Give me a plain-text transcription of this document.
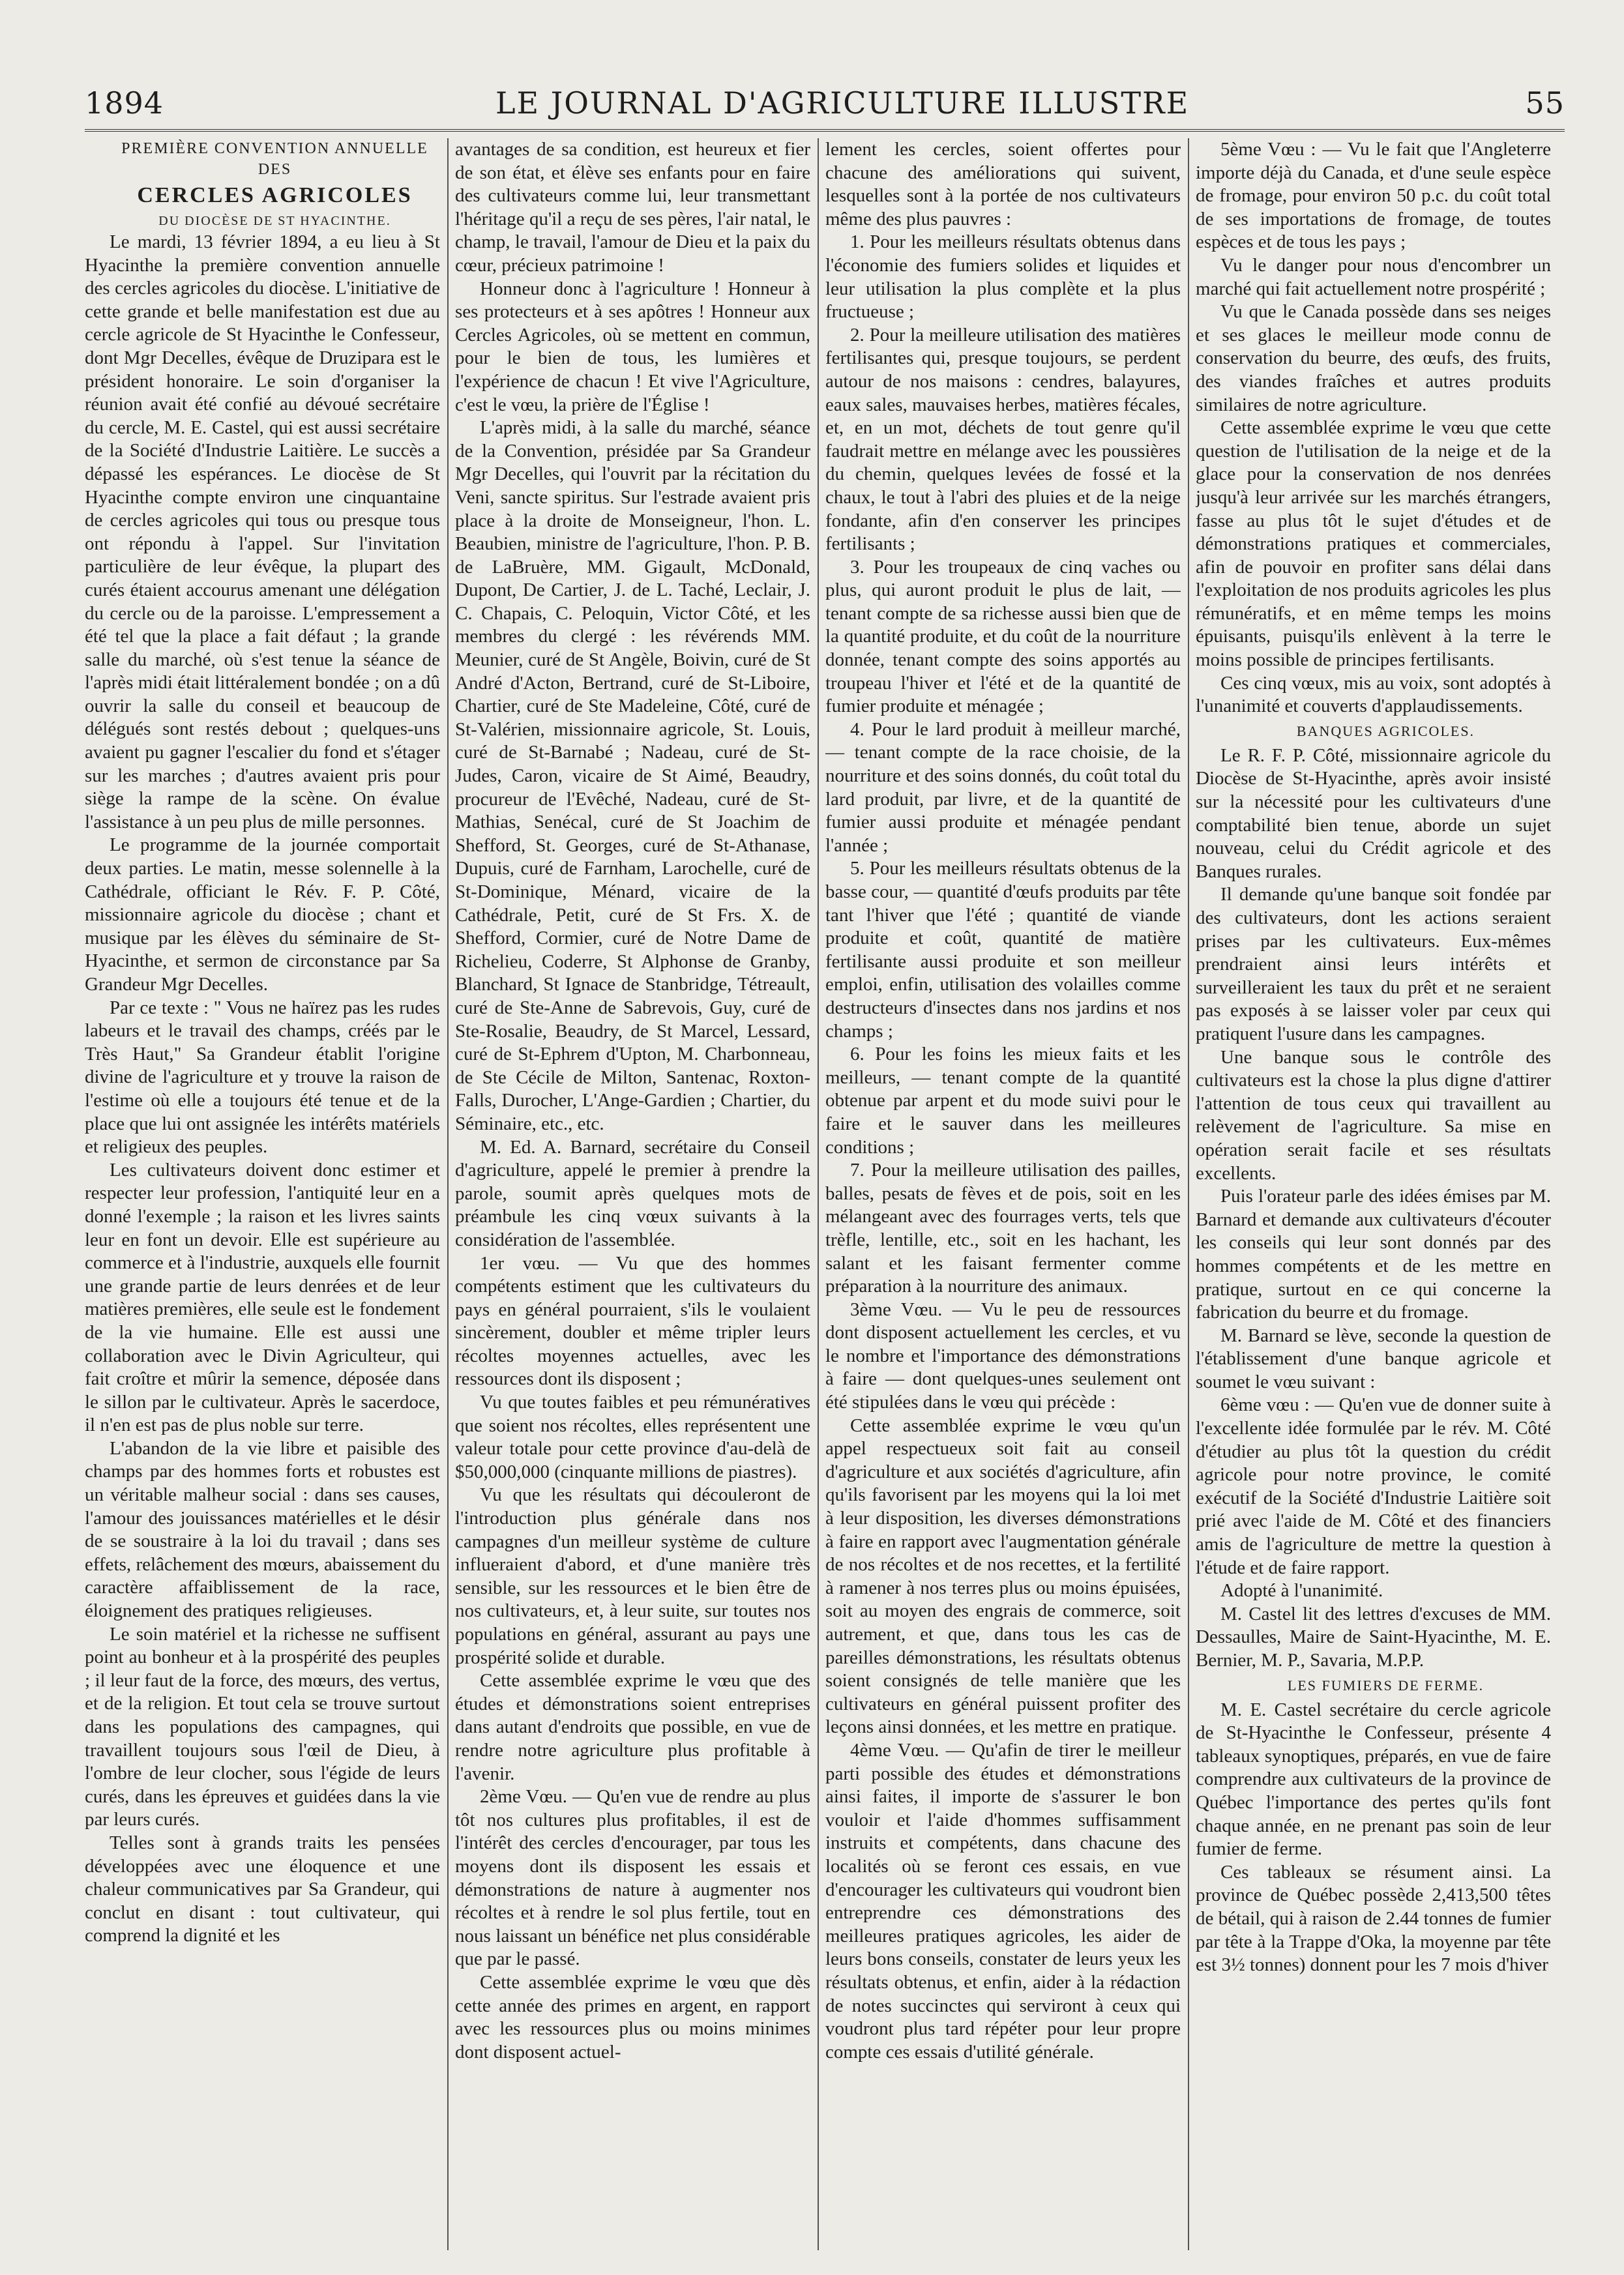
1894	LE JOURNAL D'AGRICULTURE ILLUSTRE	55

PREMIÈRE CONVENTION ANNUELLE

DES

CERCLES AGRICOLES

DU DIOCÈSE DE ST HYACINTHE.

Le mardi, 13 février 1894, a eu lieu à St Hyacinthe la première convention annuelle des cercles agricoles du diocèse. L'initiative de cette grande et belle manifestation est due au cercle agricole de St Hyacinthe le Confesseur, dont Mgr Decelles, évêque de Druzipara est le président honoraire. Le soin d'organiser la réunion avait été confié au dévoué secrétaire du cercle, M. E. Castel, qui est aussi secrétaire de la Société d'Industrie Laitière. Le succès a dépassé les espérances. Le diocèse de St Hyacinthe compte environ une cinquantaine de cercles agricoles qui tous ou presque tous ont répondu à l'appel. Sur l'invitation particulière de leur évêque, la plupart des curés étaient accourus amenant une délégation du cercle ou de la paroisse. L'empressement a été tel que la place a fait défaut ; la grande salle du marché, où s'est tenue la séance de l'après midi était littéralement bondée ; on a dû ouvrir la salle du conseil et beaucoup de délégués sont restés debout ; quelques-uns avaient pu gagner l'escalier du fond et s'étager sur les marches ; d'autres avaient pris pour siège la rampe de la scène. On évalue l'assistance à un peu plus de mille personnes.

Le programme de la journée comportait deux parties. Le matin, messe solennelle à la Cathédrale, officiant le Rév. F. P. Côté, missionnaire agricole du diocèse ; chant et musique par les élèves du séminaire de St-Hyacinthe, et sermon de circonstance par Sa Grandeur Mgr Decelles.

Par ce texte : " Vous ne haïrez pas les rudes labeurs et le travail des champs, créés par le Très Haut," Sa Grandeur établit l'origine divine de l'agriculture et y trouve la raison de l'estime où elle a toujours été tenue et de la place que lui ont assignée les intérêts matériels et religieux des peuples.

Les cultivateurs doivent donc estimer et respecter leur profession, l'antiquité leur en a donné l'exemple ; la raison et les livres saints leur en font un devoir. Elle est supérieure au commerce et à l'industrie, auxquels elle fournit une grande partie de leurs denrées et de leur matières premières, elle seule est le fondement de la vie humaine. Elle est aussi une collaboration avec le Divin Agriculteur, qui fait croître et mûrir la semence, déposée dans le sillon par le cultivateur. Après le sacerdoce, il n'en est pas de plus noble sur terre.

L'abandon de la vie libre et paisible des champs par des hommes forts et robustes est un véritable malheur social : dans ses causes, l'amour des jouissances matérielles et le désir de se soustraire à la loi du travail ; dans ses effets, relâchement des mœurs, abaissement du caractère affaiblissement de la race, éloignement des pratiques religieuses.

Le soin matériel et la richesse ne suffisent point au bonheur et à la prospérité des peuples ; il leur faut de la force, des mœurs, des vertus, et de la religion. Et tout cela se trouve surtout dans les populations des campagnes, qui travaillent toujours sous l'œil de Dieu, à l'ombre de leur clocher, sous l'égide de leurs curés, dans les épreuves et guidées dans la vie par leurs curés.

Telles sont à grands traits les pensées développées avec une éloquence et une chaleur communicatives par Sa Grandeur, qui conclut en disant : tout cultivateur, qui comprend la dignité et les

avantages de sa condition, est heureux et fier de son état, et élève ses enfants pour en faire des cultivateurs comme lui, leur transmettant l'héritage qu'il a reçu de ses pères, l'air natal, le champ, le travail, l'amour de Dieu et la paix du cœur, précieux patrimoine !

Honneur donc à l'agriculture ! Honneur à ses protecteurs et à ses apôtres ! Honneur aux Cercles Agricoles, où se mettent en commun, pour le bien de tous, les lumières et l'expérience de chacun ! Et vive l'Agriculture, c'est le vœu, la prière de l'Église !

L'après midi, à la salle du marché, séance de la Convention, présidée par Sa Grandeur Mgr Decelles, qui l'ouvrit par la récitation du Veni, sancte spiritus. Sur l'estrade avaient pris place à la droite de Monseigneur, l'hon. L. Beaubien, ministre de l'agriculture, l'hon. P. B. de LaBruère, MM. Gigault, McDonald, Dupont, De Cartier, J. de L. Taché, Leclair, J. C. Chapais, C. Peloquin, Victor Côté, et les membres du clergé : les révérends MM. Meunier, curé de St Angèle, Boivin, curé de St André d'Acton, Bertrand, curé de St-Liboire, Chartier, curé de Ste Madeleine, Côté, curé de St-Valérien, missionnaire agricole, St. Louis, curé de St-Barnabé ; Nadeau, curé de St-Judes, Caron, vicaire de St Aimé, Beaudry, procureur de l'Evêché, Nadeau, curé de St-Mathias, Senécal, curé de St Joachim de Shefford, St. Georges, curé de St-Athanase, Dupuis, curé de Farnham, Larochelle, curé de St-Dominique, Ménard, vicaire de la Cathédrale, Petit, curé de St Frs. X. de Shefford, Cormier, curé de Notre Dame de Richelieu, Coderre, St Alphonse de Granby, Blanchard, St Ignace de Stanbridge, Tétreault, curé de Ste-Anne de Sabrevois, Guy, curé de Ste-Rosalie, Beaudry, de St Marcel, Lessard, curé de St-Ephrem d'Upton, M. Charbonneau, de Ste Cécile de Milton, Santenac, Roxton-Falls, Durocher, L'Ange-Gardien ; Chartier, du Séminaire, etc., etc.

M. Ed. A. Barnard, secrétaire du Conseil d'agriculture, appelé le premier à prendre la parole, soumit après quelques mots de préambule les cinq vœux suivants à la considération de l'assemblée.

1er vœu. — Vu que des hommes compétents estiment que les cultivateurs du pays en général pourraient, s'ils le voulaient sincèrement, doubler et même tripler leurs récoltes moyennes actuelles, avec les ressources dont ils disposent ;

Vu que toutes faibles et peu rémunératives que soient nos récoltes, elles représentent une valeur totale pour cette province d'au-delà de $50,000,000 (cinquante millions de piastres).

Vu que les résultats qui découleront de l'introduction plus générale dans nos campagnes d'un meilleur système de culture influeraient d'abord, et d'une manière très sensible, sur les ressources et le bien être de nos cultivateurs, et, à leur suite, sur toutes nos populations en général, assurant au pays une prospérité solide et durable.

Cette assemblée exprime le vœu que des études et démonstrations soient entreprises dans autant d'endroits que possible, en vue de rendre notre agriculture plus profitable à l'avenir.

2ème Vœu. — Qu'en vue de rendre au plus tôt nos cultures plus profitables, il est de l'intérêt des cercles d'encourager, par tous les moyens dont ils disposent les essais et démonstrations de nature à augmenter nos récoltes et à rendre le sol plus fertile, tout en nous laissant un bénéfice net plus considérable que par le passé.

Cette assemblée exprime le vœu que dès cette année des primes en argent, en rapport avec les ressources plus ou moins minimes dont disposent actuel-

lement les cercles, soient offertes pour chacune des améliorations qui suivent, lesquelles sont à la portée de nos cultivateurs même des plus pauvres :

1. Pour les meilleurs résultats obtenus dans l'économie des fumiers solides et liquides et leur utilisation la plus complète et la plus fructueuse ;

2. Pour la meilleure utilisation des matières fertilisantes qui, presque toujours, se perdent autour de nos maisons : cendres, balayures, eaux sales, mauvaises herbes, matières fécales, et, en un mot, déchets de tout genre qu'il faudrait mettre en mélange avec les poussières du chemin, quelques levées de fossé et la chaux, le tout à l'abri des pluies et de la neige fondante, afin d'en conserver les principes fertilisants ;

3. Pour les troupeaux de cinq vaches ou plus, qui auront produit le plus de lait, — tenant compte de sa richesse aussi bien que de la quantité produite, et du coût de la nourriture donnée, tenant compte des soins apportés au troupeau l'hiver et l'été et de la quantité de fumier produite et ménagée ;

4. Pour le lard produit à meilleur marché, — tenant compte de la race choisie, de la nourriture et des soins donnés, du coût total du lard produit, par livre, et de la quantité de fumier aussi produite et ménagée pendant l'année ;

5. Pour les meilleurs résultats obtenus de la basse cour, — quantité d'œufs produits par tête tant l'hiver que l'été ; quantité de viande produite et coût, quantité de matière fertilisante aussi produite et son meilleur emploi, enfin, utilisation des volailles comme destructeurs d'insectes dans nos jardins et nos champs ;

6. Pour les foins les mieux faits et les meilleurs, — tenant compte de la quantité obtenue par arpent et du mode suivi pour le faire et le sauver dans les meilleures conditions ;

7. Pour la meilleure utilisation des pailles, balles, pesats de fèves et de pois, soit en les mélangeant avec des fourrages verts, tels que trèfle, lentille, etc., soit en les hachant, les salant et les faisant fermenter comme préparation à la nourriture des animaux.

3ème Vœu. — Vu le peu de ressources dont disposent actuellement les cercles, et vu le nombre et l'importance des démonstrations à faire — dont quelques-unes seulement ont été stipulées dans le vœu qui précède :

Cette assemblée exprime le vœu qu'un appel respectueux soit fait au conseil d'agriculture et aux sociétés d'agriculture, afin qu'ils favorisent par les moyens qui la loi met à leur disposition, les diverses démonstrations à faire en rapport avec l'augmentation générale de nos récoltes et de nos recettes, et la fertilité à ramener à nos terres plus ou moins épuisées, soit au moyen des engrais de commerce, soit autrement, et que, dans tous les cas de pareilles démonstrations, les résultats obtenus soient consignés de telle manière que les cultivateurs en général puissent profiter des leçons ainsi données, et les mettre en pratique.

4ème Vœu. — Qu'afin de tirer le meilleur parti possible des études et démonstrations ainsi faites, il importe de s'assurer le bon vouloir et l'aide d'hommes suffisamment instruits et compétents, dans chacune des localités où se feront ces essais, en vue d'encourager les cultivateurs qui voudront bien entreprendre ces démonstrations des meilleures pratiques agricoles, les aider de leurs bons conseils, constater de leurs yeux les résultats obtenus, et enfin, aider à la rédaction de notes succinctes qui serviront à ceux qui voudront plus tard répéter pour leur propre compte ces essais d'utilité générale.

5ème Vœu : — Vu le fait que l'Angleterre importe déjà du Canada, et d'une seule espèce de fromage, pour environ 50 p.c. du coût total de ses importations de fromage, de toutes espèces et de tous les pays ;

Vu le danger pour nous d'encombrer un marché qui fait actuellement notre prospérité ;

Vu que le Canada possède dans ses neiges et ses glaces le meilleur mode connu de conservation du beurre, des œufs, des fruits, des viandes fraîches et autres produits similaires de notre agriculture.

Cette assemblée exprime le vœu que cette question de l'utilisation de la neige et de la glace pour la conservation de nos denrées jusqu'à leur arrivée sur les marchés étrangers, fasse au plus tôt le sujet d'études et de démonstrations pratiques et commerciales, afin de pouvoir en profiter sans délai dans l'exploitation de nos produits agricoles les plus rémunératifs, et en même temps les moins épuisants, puisqu'ils enlèvent à la terre le moins possible de principes fertilisants.

Ces cinq vœux, mis au voix, sont adoptés à l'unanimité et couverts d'applaudissements.

BANQUES AGRICOLES.

Le R. F. P. Côté, missionnaire agricole du Diocèse de St-Hyacinthe, après avoir insisté sur la nécessité pour les cultivateurs d'une comptabilité bien tenue, aborde un sujet nouveau, celui du Crédit agricole et des Banques rurales.

Il demande qu'une banque soit fondée par des cultivateurs, dont les actions seraient prises par les cultivateurs. Eux-mêmes prendraient ainsi leurs intérêts et surveilleraient les taux du prêt et ne seraient pas exposés à se laisser voler par ceux qui pratiquent l'usure dans les campagnes.

Une banque sous le contrôle des cultivateurs est la chose la plus digne d'attirer l'attention de tous ceux qui travaillent au relèvement de l'agriculture. Sa mise en opération serait facile et ses résultats excellents.

Puis l'orateur parle des idées émises par M. Barnard et demande aux cultivateurs d'écouter les conseils qui leur sont donnés par des hommes compétents et de les mettre en pratique, surtout en ce qui concerne la fabrication du beurre et du fromage.

M. Barnard se lève, seconde la question de l'établissement d'une banque agricole et soumet le vœu suivant :

6ème vœu : — Qu'en vue de donner suite à l'excellente idée formulée par le rév. M. Côté d'étudier au plus tôt la question du crédit agricole pour notre province, le comité exécutif de la Société d'Industrie Laitière soit prié avec l'aide de M. Côté et des financiers amis de l'agriculture de mettre la question à l'étude et de faire rapport.

Adopté à l'unanimité.

M. Castel lit des lettres d'excuses de MM. Dessaulles, Maire de Saint-Hyacinthe, M. E. Bernier, M. P., Savaria, M.P.P.

LES FUMIERS DE FERME.

M. E. Castel secrétaire du cercle agricole de St-Hyacinthe le Confesseur, présente 4 tableaux synoptiques, préparés, en vue de faire comprendre aux cultivateurs de la province de Québec l'importance des pertes qu'ils font chaque année, en ne prenant pas soin de leur fumier de ferme.

Ces tableaux se résument ainsi. La province de Québec possède 2,413,500 têtes de bétail, qui à raison de 2.44 tonnes de fumier par tête à la Trappe d'Oka, la moyenne par tête est 3½ tonnes) donnent pour les 7 mois d'hiver
